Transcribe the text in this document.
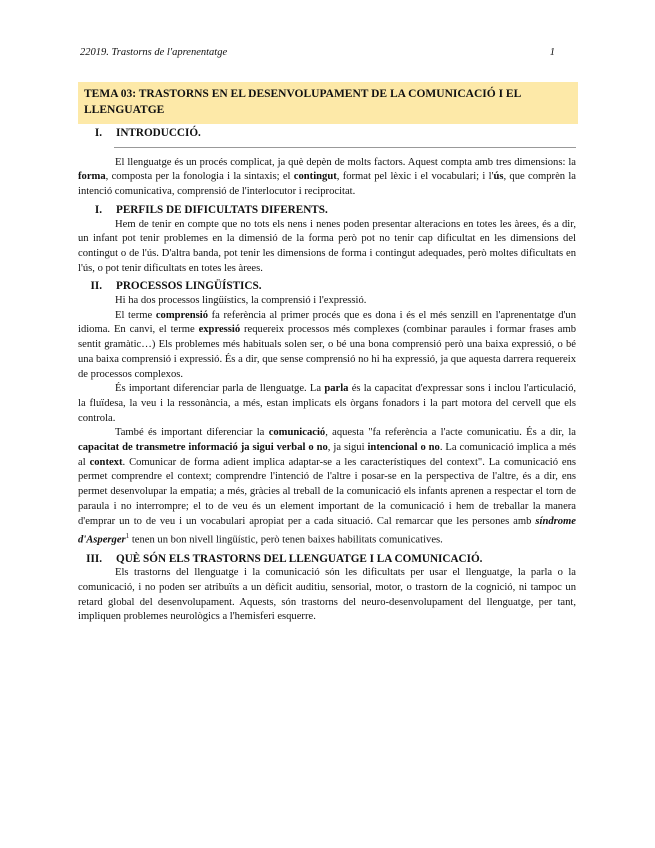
22019. Trastorns de l'aprenentatge	1
TEMA 03: TRASTORNS EN EL DESENVOLUPAMENT DE LA COMUNICACIÓ I EL LLENGUATGE
I.	INTRODUCCIÓ.

El llenguatge és un procés complicat, ja què depèn de molts factors. Aquest compta amb tres dimensions: la forma, composta per la fonologia i la sintaxis; el contingut, format pel lèxic i el vocabulari; i l'ús, que comprèn la intenció comunicativa, comprensió de l'interlocutor i reciprocitat.

I.	PERFILS DE DIFICULTATS DIFERENTS.

Hem de tenir en compte que no tots els nens i nenes poden presentar alteracions en totes les àrees, és a dir, un infant pot tenir problemes en la dimensió de la forma però pot no tenir cap dificultat en les dimensions del contingut o de l'ús. D'altra banda, pot tenir les dimensions de forma i contingut adequades, però moltes dificultats en l'ús, o pot tenir dificultats en totes les àrees.

II.	PROCESSOS LINGÜÍSTICS.

Hi ha dos processos lingüístics, la comprensió i l'expressió.

El terme comprensió fa referència al primer procés que es dona i és el més senzill en l'aprenentatge d'un idioma. En canvi, el terme expressió requereix processos més complexes (combinar paraules i formar frases amb sentit gramàtic…) Els problemes més habituals solen ser, o bé una bona comprensió però una baixa expressió, o bé una baixa comprensió i expressió. És a dir, que sense comprensió no hi ha expressió, ja que aquesta darrera requereix de processos complexos.

És important diferenciar parla de llenguatge. La parla és la capacitat d'expressar sons i inclou l'articulació, la fluïdesa, la veu i la ressonància, a més, estan implicats els òrgans fonadors i la part motora del cervell que els controla.

També és important diferenciar la comunicació, aquesta "fa referència a l'acte comunicatiu. És a dir, la capacitat de transmetre informació ja sigui verbal o no, ja sigui intencional o no. La comunicació implica a més al context. Comunicar de forma adient implica adaptar-se a les característiques del context". La comunicació ens permet comprendre el context; comprendre l'intenció de l'altre i posar-se en la perspectiva de l'altre, és a dir, ens permet desenvolupar la empatia; a més, gràcies al treball de la comunicació els infants aprenen a respectar el torn de paraula i no interrompre; el to de veu és un element important de la comunicació i hem de treballar la manera d'emprar un to de veu i un vocabulari apropiat per a cada situació. Cal remarcar que les persones amb síndrome d'Asperger$^1$ tenen un bon nivell lingüístic, però tenen baixes habilitats comunicatives.

III.	QUÈ SÓN ELS TRASTORNS DEL LLENGUATGE I LA COMUNICACIÓ.

Els trastorns del llenguatge i la comunicació són les dificultats per usar el llenguatge, la parla o la comunicació, i no poden ser atribuïts a un dèficit auditiu, sensorial, motor, o trastorn de la cognició, ni tampoc un retard global del desenvolupament. Aquests, són trastorns del neuro-desenvolupament del llenguatge, per tant, impliquen problemes neurològics a l'hemisferi esquerre.
